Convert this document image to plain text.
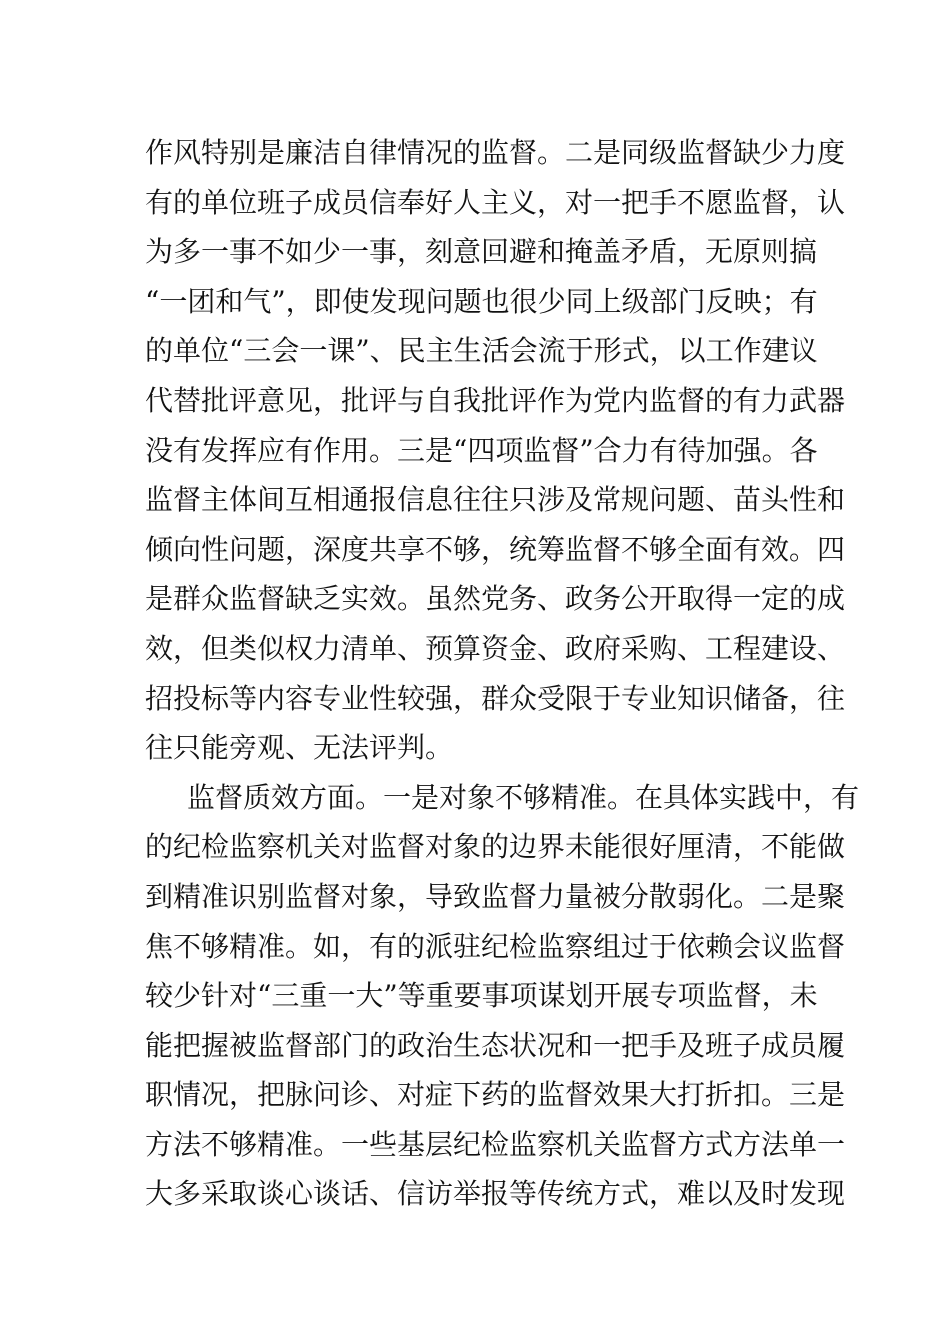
作风特别是廉洁自律情况的监督。二是同级监督缺少力度
有的单位班子成员信奉好人主义，对一把手不愿监督，认
为多一事不如少一事，刻意回避和掩盖矛盾，无原则搞
“一团和气”，即使发现问题也很少同上级部门反映；有
的单位“三会一课”、民主生活会流于形式，以工作建议
代替批评意见，批评与自我批评作为党内监督的有力武器
没有发挥应有作用。三是“四项监督”合力有待加强。各
监督主体间互相通报信息往往只涉及常规问题、苗头性和
倾向性问题，深度共享不够，统筹监督不够全面有效。四
是群众监督缺乏实效。虽然党务、政务公开取得一定的成
效，但类似权力清单、预算资金、政府采购、工程建设、
招投标等内容专业性较强，群众受限于专业知识储备，往
往只能旁观、无法评判。
监督质效方面。一是对象不够精准。在具体实践中，有
的纪检监察机关对监督对象的边界未能很好厘清，不能做
到精准识别监督对象，导致监督力量被分散弱化。二是聚
焦不够精准。如，有的派驻纪检监察组过于依赖会议监督
较少针对“三重一大”等重要事项谋划开展专项监督，未
能把握被监督部门的政治生态状况和一把手及班子成员履
职情况，把脉问诊、对症下药的监督效果大打折扣。三是
方法不够精准。一些基层纪检监察机关监督方式方法单一
大多采取谈心谈话、信访举报等传统方式，难以及时发现
